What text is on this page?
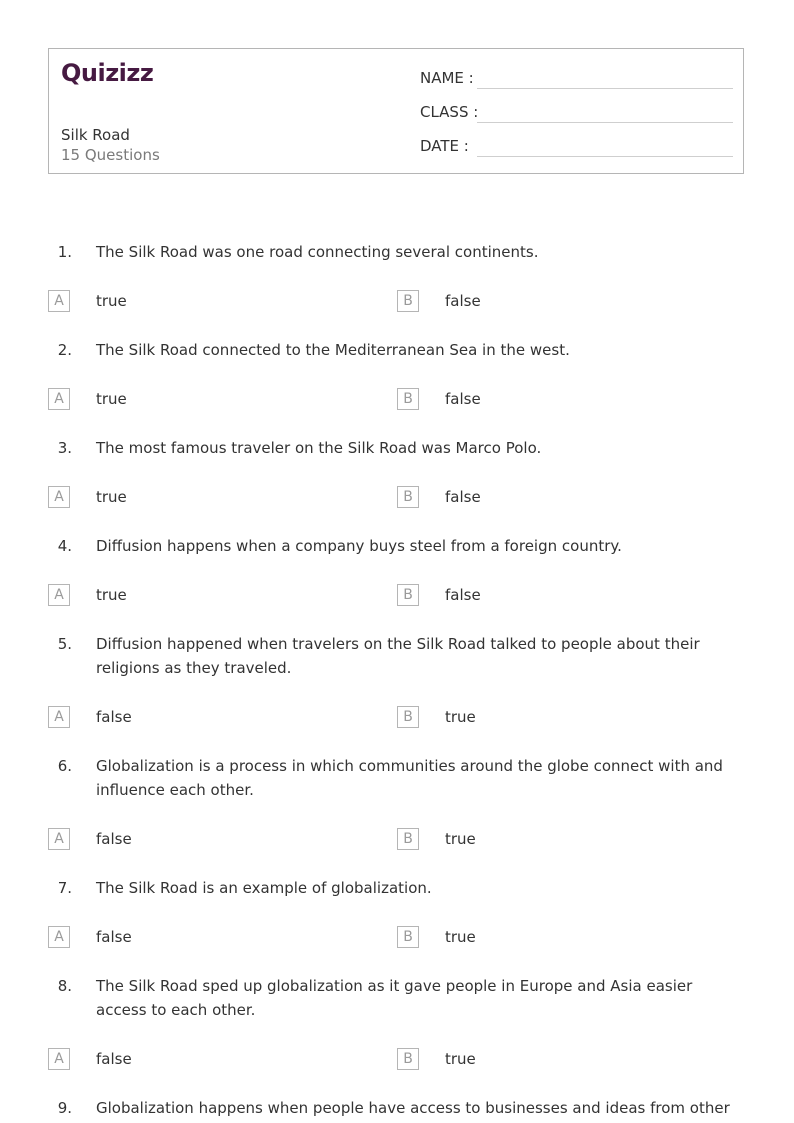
Quizizz
Silk Road
15 Questions
NAME :
CLASS :
DATE :
1. The Silk Road was one road connecting several continents.
A	true	B	false
2. The Silk Road connected to the Mediterranean Sea in the west.
A	true	B	false
3. The most famous traveler on the Silk Road was Marco Polo.
A	true	B	false
4. Diffusion happens when a company buys steel from a foreign country.
A	true	B	false
5. Diffusion happened when travelers on the Silk Road talked to people about their religions as they traveled.
A	false	B	true
6. Globalization is a process in which communities around the globe connect with and influence each other.
A	false	B	true
7. The Silk Road is an example of globalization.
A	false	B	true
8. The Silk Road sped up globalization as it gave people in Europe and Asia easier access to each other.
A	false	B	true
9. Globalization happens when people have access to businesses and ideas from other
